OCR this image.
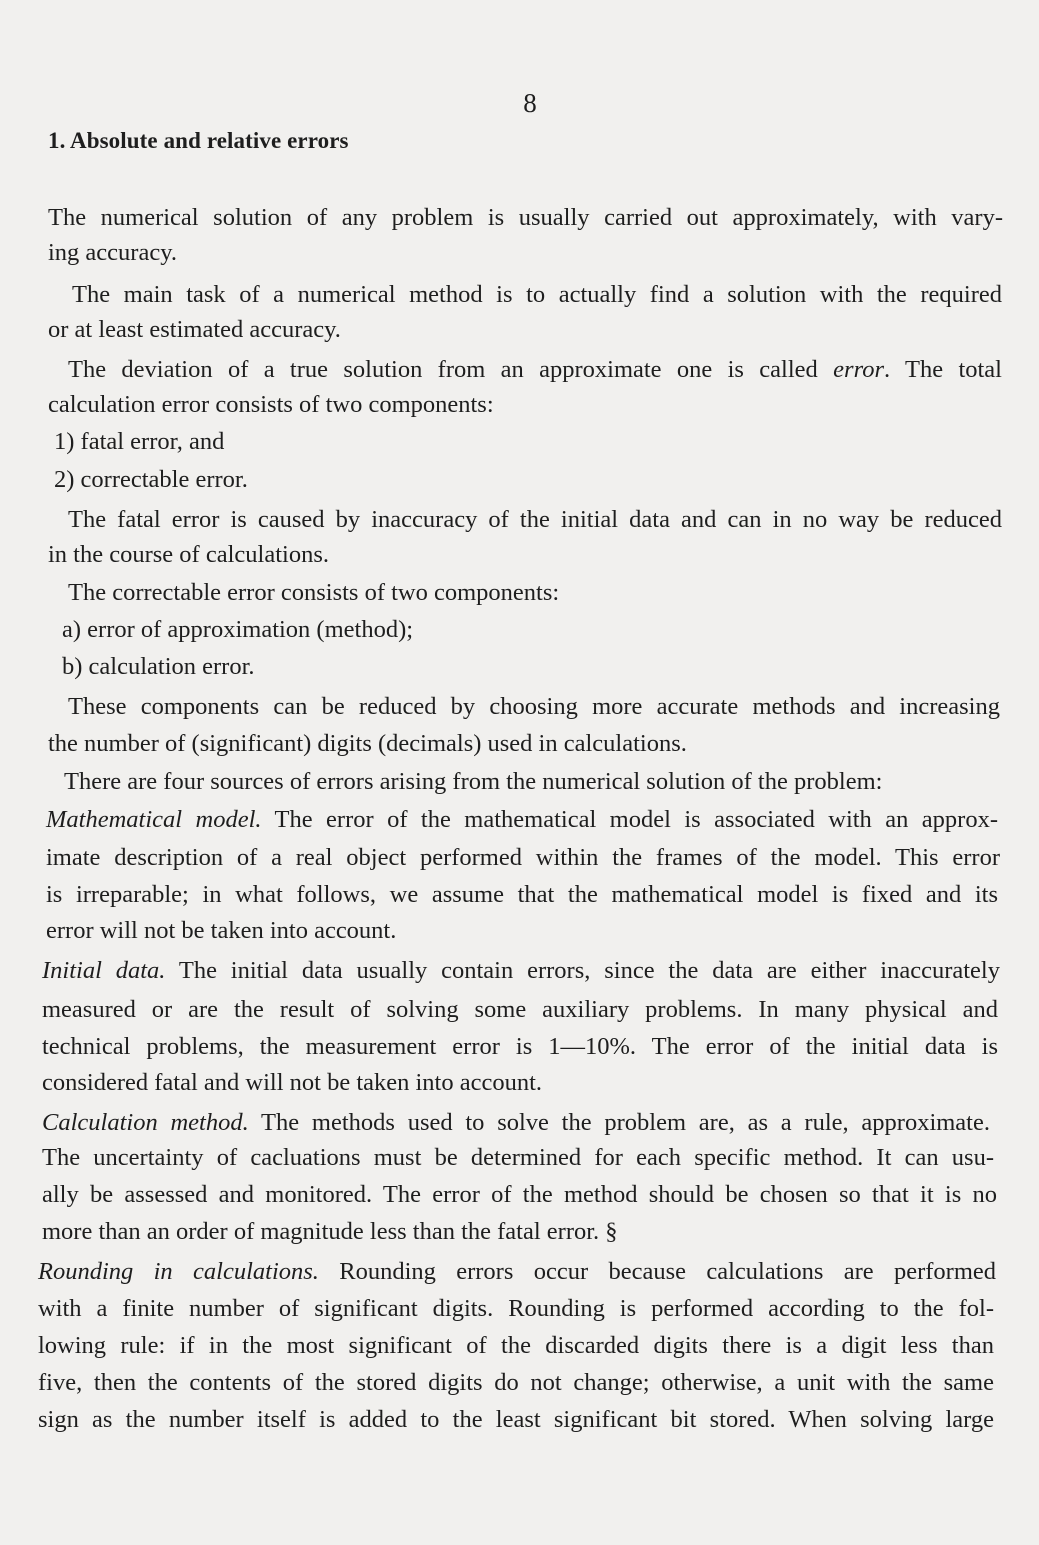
8
1. Absolute and relative errors
The numerical solution of any problem is usually carried out approximately, with vary-
ing accuracy.
The main task of a numerical method is to actually find a solution with the required
or at least estimated accuracy.
The deviation of a true solution from an approximate one is called error. The total
calculation error consists of two components:
1) fatal error, and
2) correctable error.
The fatal error is caused by inaccuracy of the initial data and can in no way be reduced
in the course of calculations.
The correctable error consists of two components:
a) error of approximation (method);
b) calculation error.
These components can be reduced by choosing more accurate methods and increasing
the number of (significant) digits (decimals) used in calculations.
There are four sources of errors arising from the numerical solution of the problem:
Mathematical model. The error of the mathematical model is associated with an approx-
imate description of a real object performed within the frames of the model. This error
is irreparable; in what follows, we assume that the mathematical model is fixed and its
error will not be taken into account.
Initial data. The initial data usually contain errors, since the data are either inaccurately
measured or are the result of solving some auxiliary problems. In many physical and
technical problems, the measurement error is 1—10%. The error of the initial data is
considered fatal and will not be taken into account.
Calculation method. The methods used to solve the problem are, as a rule, approximate.
The uncertainty of cacluations must be determined for each specific method. It can usu-
ally be assessed and monitored. The error of the method should be chosen so that it is no
more than an order of magnitude less than the fatal error. §
Rounding in calculations. Rounding errors occur because calculations are performed
with a finite number of significant digits. Rounding is performed according to the fol-
lowing rule: if in the most significant of the discarded digits there is a digit less than
five, then the contents of the stored digits do not change; otherwise, a unit with the same
sign as the number itself is added to the least significant bit stored. When solving large
